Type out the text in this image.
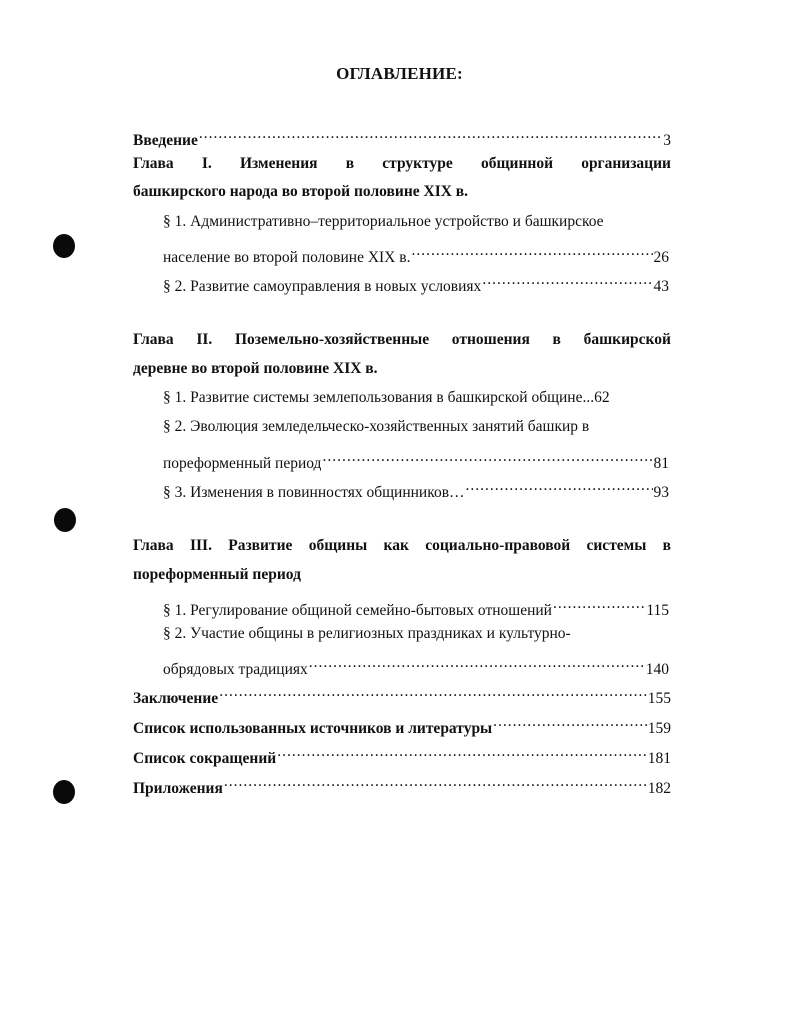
ОГЛАВЛЕНИЕ:
Введение .....	3
Глава I. Изменения в структуре общинной организации
башкирского народа во второй половине XIX в.
§ 1. Административно–территориальное устройство и башкирское
население во второй половине XIX в. .....	26
§ 2. Развитие самоуправления в новых условиях .....	43
Глава II. Поземельно-хозяйственные отношения в башкирской
деревне во второй половине XIX в.
§ 1. Развитие системы землепользования в башкирской общине...62
§ 2. Эволюция земледельческо-хозяйственных занятий башкир в
пореформенный период .....	81
§ 3. Изменения в повинностях общинников… .....	93
Глава III. Развитие общины как социально-правовой системы в
пореформенный период
§ 1. Регулирование общиной семейно-бытовых отношений .....	115
§ 2. Участие общины в религиозных праздниках и культурно-
обрядовых традициях .....	140
Заключение .....	155
Список использованных источников и литературы .....	159
Список сокращений .....	181
Приложения .....	182
